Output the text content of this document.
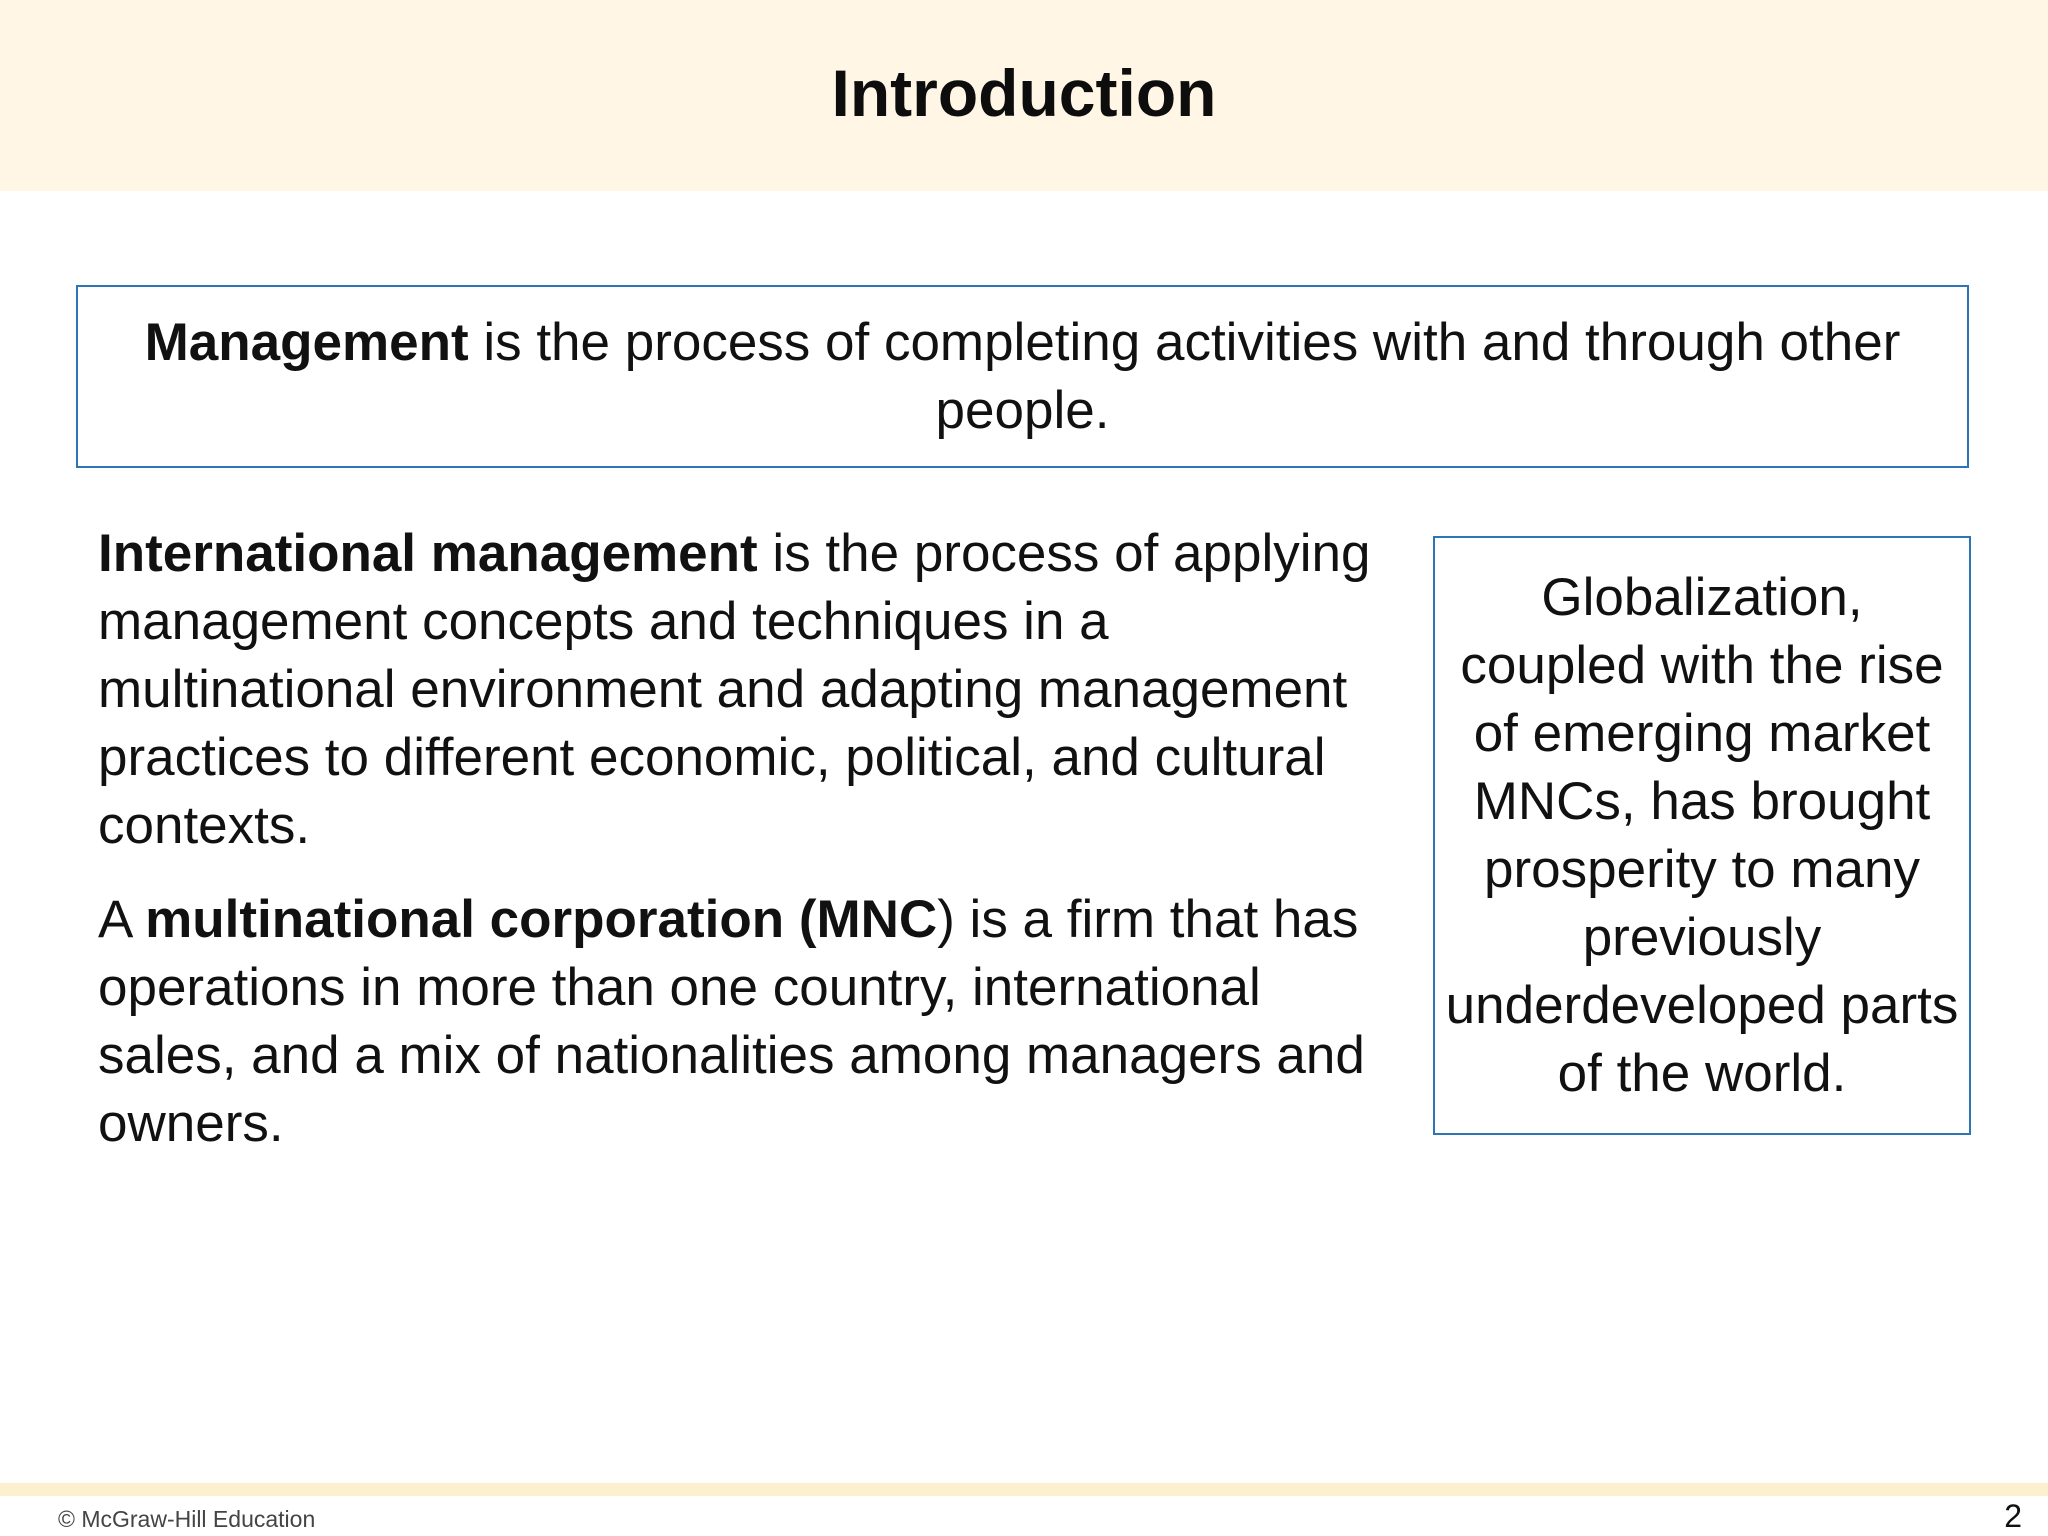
Introduction
Management is the process of completing activities with and through other people.

International management is the process of applying management concepts and techniques in a multinational environment and adapting management practices to different economic, political, and cultural contexts.

A multinational corporation (MNC) is a firm that has operations in more than one country, international sales, and a mix of nationalities among managers and owners.

Globalization, coupled with the rise of emerging market MNCs, has brought prosperity to many previously underdeveloped parts of the world.
© McGraw-Hill Education	2
